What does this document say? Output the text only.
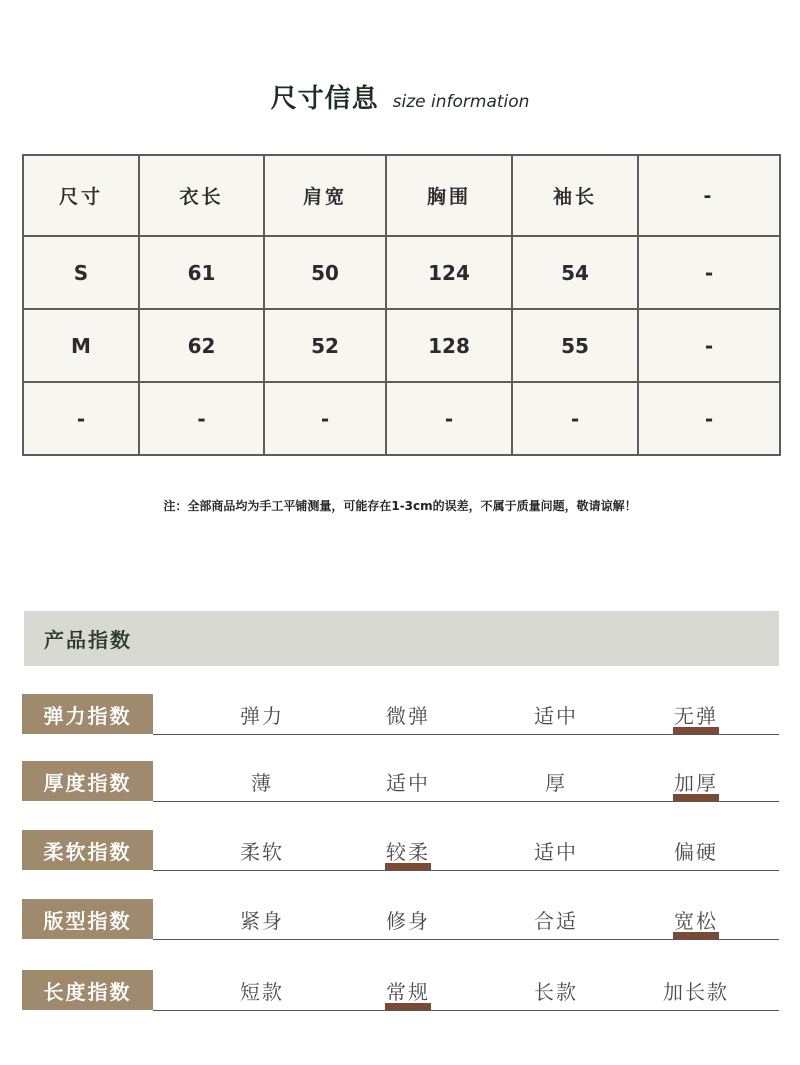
尺寸信息 size information
尺寸	衣长	肩宽	胸围	袖长	-
S	61	50	124	54	-
M	62	52	128	55	-
-	-	-	-	-	-
注：全部商品均为手工平铺测量，可能存在1-3cm的误差，不属于质量问题，敬请谅解！
产品指数
弹力指数	弹力	微弹	适中	无弹
厚度指数	薄	适中	厚	加厚
柔软指数	柔软	较柔	适中	偏硬
版型指数	紧身	修身	合适	宽松
长度指数	短款	常规	长款	加长款
